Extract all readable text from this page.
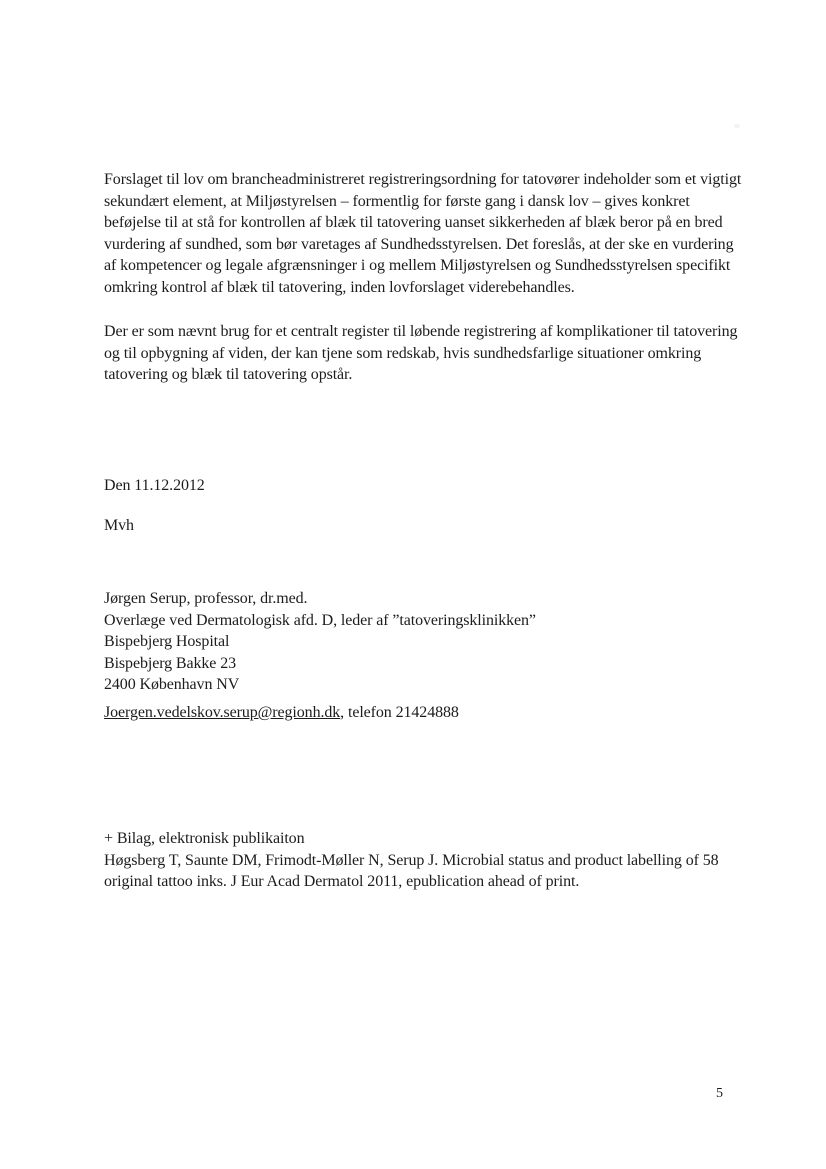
Forslaget til lov om brancheadministreret registreringsordning for tatovører indeholder som et vigtigt sekundært element, at Miljøstyrelsen – formentlig for første gang i dansk lov – gives konkret beføjelse til at stå for kontrollen af blæk til tatovering uanset sikkerheden af blæk beror på en bred vurdering af sundhed, som bør varetages af Sundhedsstyrelsen. Det foreslås, at der ske en vurdering af kompetencer og legale afgrænsninger i og mellem Miljøstyrelsen og Sundhedsstyrelsen specifikt omkring kontrol af blæk til tatovering, inden lovforslaget viderebehandles.
Der er som nævnt brug for et centralt register til løbende registrering af komplikationer til tatovering og til opbygning af viden, der kan tjene som redskab, hvis sundhedsfarlige situationer omkring tatovering og blæk til tatovering opstår.
Den 11.12.2012
Mvh
Jørgen Serup, professor, dr.med.
Overlæge ved Dermatologisk afd. D, leder af ”tatoveringsklinikken”
Bispebjerg Hospital
Bispebjerg Bakke 23
2400 København NV
Joergen.vedelskov.serup@regionh.dk, telefon 21424888
+ Bilag, elektronisk publikaiton
Høgsberg T, Saunte DM, Frimodt-Møller N, Serup J. Microbial status and product labelling of 58 original tattoo inks. J Eur Acad Dermatol 2011, epublication ahead of print.
5
